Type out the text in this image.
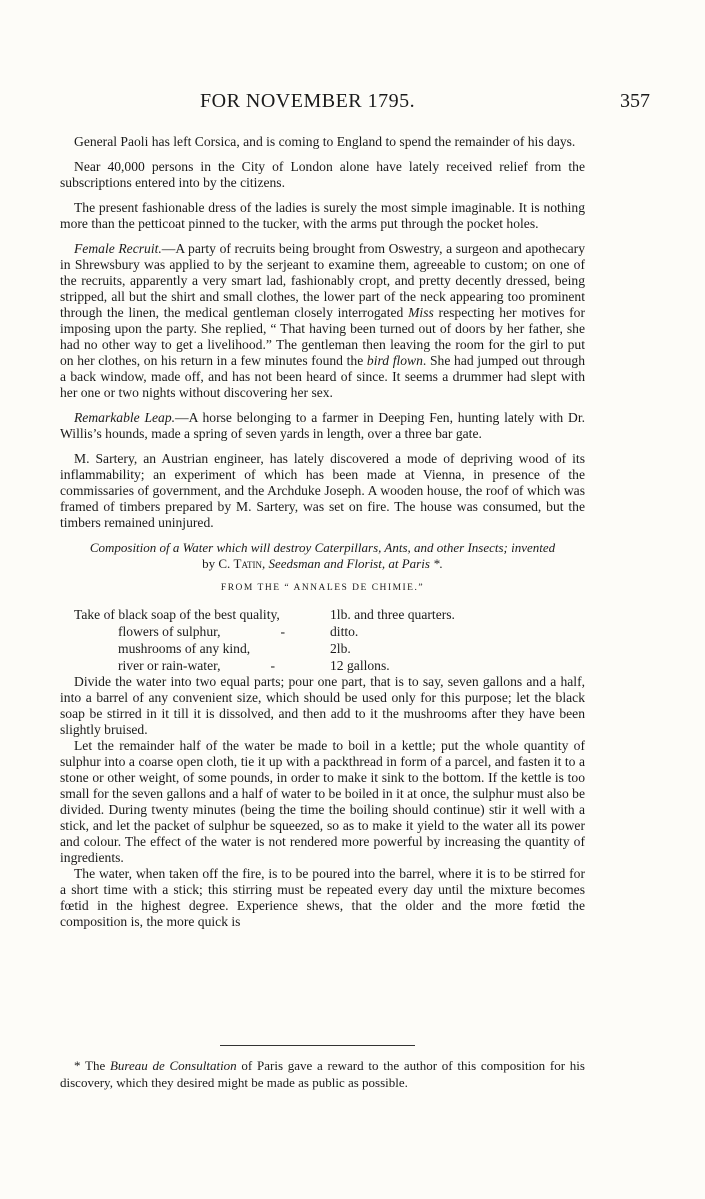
FOR NOVEMBER 1795.	357

General Paoli has left Corsica, and is coming to England to spend the remainder of his days.

Near 40,000 persons in the City of London alone have lately received relief from the subscriptions entered into by the citizens.

The present fashionable dress of the ladies is surely the most simple imaginable. It is nothing more than the petticoat pinned to the tucker, with the arms put through the pocket holes.

Female Recruit.—A party of recruits being brought from Oswestry, a surgeon and apothecary in Shrewsbury was applied to by the serjeant to examine them, agreeable to custom; on one of the recruits, apparently a very smart lad, fashionably cropt, and pretty decently dressed, being stripped, all but the shirt and small clothes, the lower part of the neck appearing too prominent through the linen, the medical gentleman closely interrogated Miss respecting her motives for imposing upon the party. She replied, “ That having been turned out of doors by her father, she had no other way to get a livelihood.” The gentleman then leaving the room for the girl to put on her clothes, on his return in a few minutes found the bird flown. She had jumped out through a back window, made off, and has not been heard of since. It seems a drummer had slept with her one or two nights without discovering her sex.

Remarkable Leap.—A horse belonging to a farmer in Deeping Fen, hunting lately with Dr. Willis’s hounds, made a spring of seven yards in length, over a three bar gate.

M. Sartery, an Austrian engineer, has lately discovered a mode of depriving wood of its inflammability; an experiment of which has been made at Vienna, in presence of the commissaries of government, and the Archduke Joseph. A wooden house, the roof of which was framed of timbers prepared by M. Sartery, was set on fire. The house was consumed, but the timbers remained uninjured.

Composition of a Water which will destroy Caterpillars, Ants, and other Insects; invented
by C. Tatin, Seedsman and Florist, at Paris *.
FROM THE “ ANNALES DE CHIMIE.”
Take of black soap of the best quality,	1lb. and three quarters.
flowers of sulphur,	-	ditto.
mushrooms of any kind,	2lb.
river or rain-water,	-	12 gallons.

Divide the water into two equal parts; pour one part, that is to say, seven gallons and a half, into a barrel of any convenient size, which should be used only for this purpose; let the black soap be stirred in it till it is dissolved, and then add to it the mushrooms after they have been slightly bruised.

Let the remainder half of the water be made to boil in a kettle; put the whole quantity of sulphur into a coarse open cloth, tie it up with a packthread in form of a parcel, and fasten it to a stone or other weight, of some pounds, in order to make it sink to the bottom. If the kettle is too small for the seven gallons and a half of water to be boiled in it at once, the sulphur must also be divided. During twenty minutes (being the time the boiling should continue) stir it well with a stick, and let the packet of sulphur be squeezed, so as to make it yield to the water all its power and colour. The effect of the water is not rendered more powerful by increasing the quantity of ingredients.

The water, when taken off the fire, is to be poured into the barrel, where it is to be stirred for a short time with a stick; this stirring must be repeated every day until the mixture becomes fœtid in the highest degree. Experience shews, that the older and the more fœtid the composition is, the more quick is

* The Bureau de Consultation of Paris gave a reward to the author of this composition for his discovery, which they desired might be made as public as possible.
